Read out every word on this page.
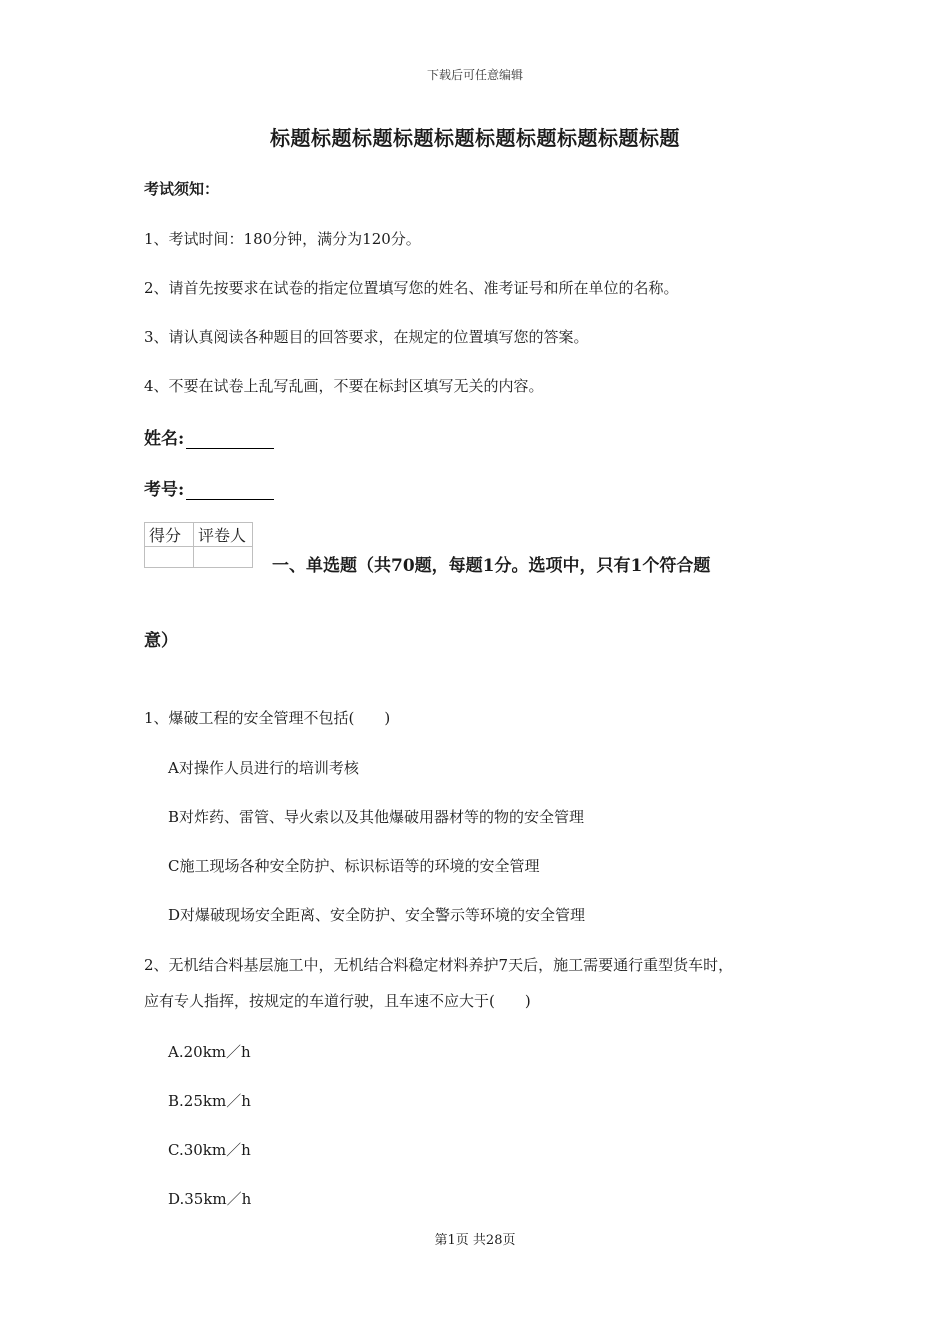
下载后可任意编辑
标题标题标题标题标题标题标题标题标题标题
考试须知：
1、考试时间：180分钟，满分为120分。
2、请首先按要求在试卷的指定位置填写您的姓名、准考证号和所在单位的名称。
3、请认真阅读各种题目的回答要求，在规定的位置填写您的答案。
4、不要在试卷上乱写乱画，不要在标封区填写无关的内容。
姓名:
考号:
得分	评卷人

一、单选题（共70题，每题1分。选项中，只有1个符合题
意）
1、爆破工程的安全管理不包括(　　)
A对操作人员进行的培训考核
B对炸药、雷管、导火索以及其他爆破用器材等的物的安全管理
C施工现场各种安全防护、标识标语等的环境的安全管理
D对爆破现场安全距离、安全防护、安全警示等环境的安全管理
2、无机结合料基层施工中，无机结合料稳定材料养护7天后，施工需要通行重型货车时，
应有专人指挥，按规定的车道行驶，且车速不应大于(　　)
A.20km／h
B.25km／h
C.30km／h
D.35km／h
第1页 共28页
